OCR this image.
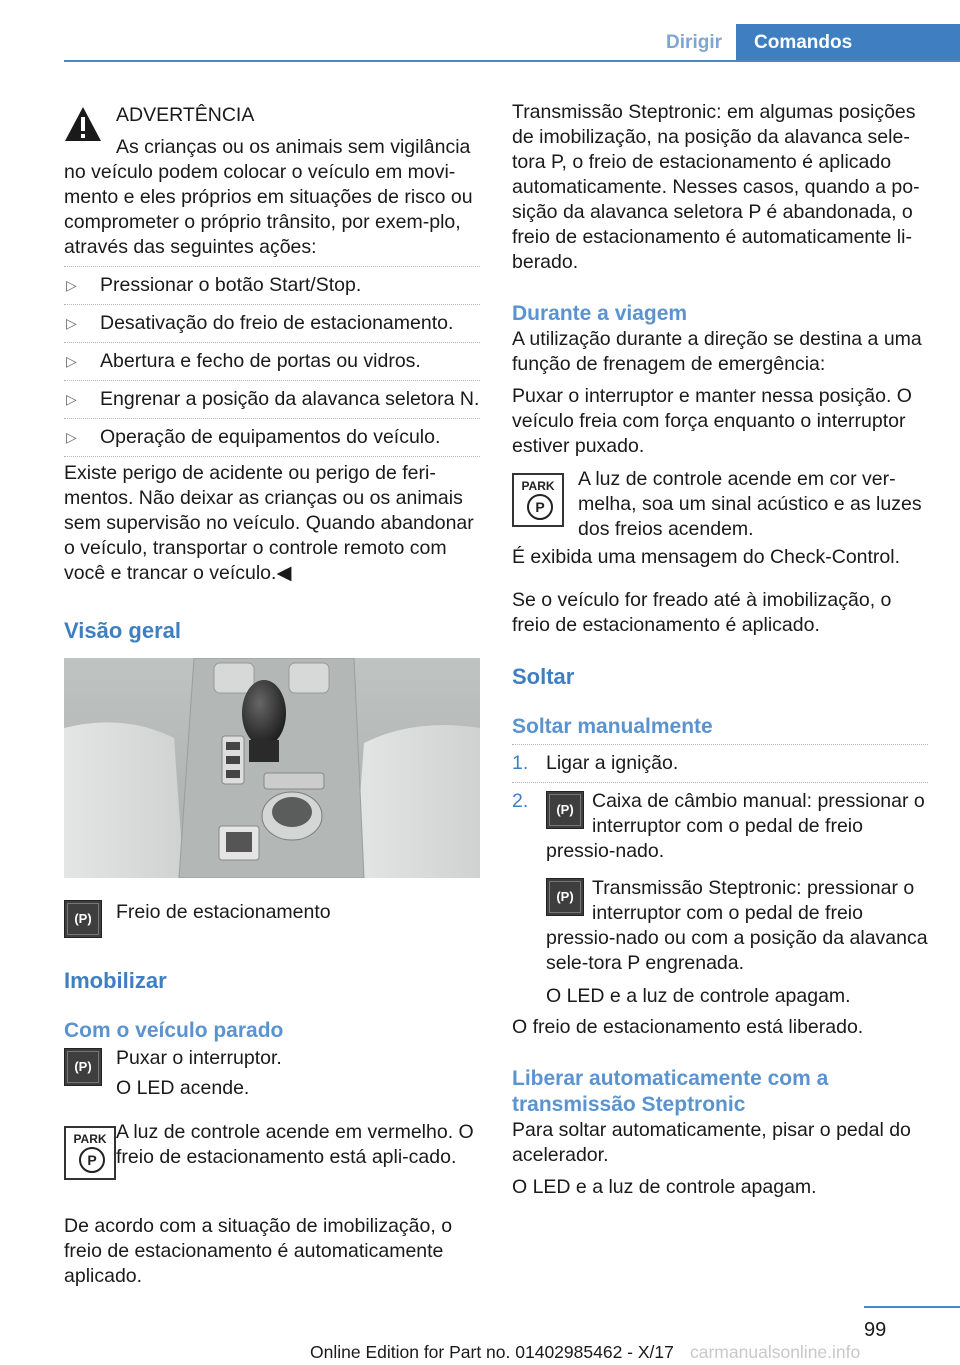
Dirigir	Comandos

ADVERTÊNCIA

As crianças ou os animais sem vigilância

no veículo podem colocar o veículo em movi-mento e eles próprios em situações de risco ou comprometer o próprio trânsito, por exem-plo, através das seguintes ações:

▷	Pressionar o botão Start/Stop.
▷	Desativação do freio de estacionamento.
▷	Abertura e fecho de portas ou vidros.
▷	Engrenar a posição da alavanca seletora N.
▷	Operação de equipamentos do veículo.

Existe perigo de acidente ou perigo de feri-mentos. Não deixar as crianças ou os animais sem supervisão no veículo. Quando abandonar o veículo, transportar o controle remoto com você e trancar o veículo.◀

Visão geral

(P)	Freio de estacionamento

Imobilizar

Com o veículo parado

(P)	Puxar o interruptor.

O LED acende.

PARK
P

A luz de controle acende em vermelho. O freio de estacionamento está apli-cado.

De acordo com a situação de imobilização, o freio de estacionamento é automaticamente aplicado.

Transmissão Steptronic: em algumas posições de imobilização, na posição da alavanca sele-tora P, o freio de estacionamento é aplicado automaticamente. Nesses casos, quando a po-sição da alavanca seletora P é abandonada, o freio de estacionamento é automaticamente li-berado.

Durante a viagem

A utilização durante a direção se destina a uma função de frenagem de emergência:

Puxar o interruptor e manter nessa posição. O veículo freia com força enquanto o interruptor estiver puxado.

PARK
P

A luz de controle acende em cor ver-melha, soa um sinal acústico e as luzes dos freios acendem.

É exibida uma mensagem do Check-Control.

Se o veículo for freado até à imobilização, o freio de estacionamento é aplicado.

Soltar

Soltar manualmente

1. Ligar a ignição.
2.	(P) Caixa de câmbio manual: pressionar o interruptor com o pedal de freio pressio-nado.
(P) Transmissão Steptronic: pressionar o interruptor com o pedal de freio pressio-nado ou com a posição da alavanca sele-tora P engrenada.

O LED e a luz de controle apagam.

O freio de estacionamento está liberado.

Liberar automaticamente com a transmissão Steptronic

Para soltar automaticamente, pisar o pedal do acelerador.

O LED e a luz de controle apagam.

99
Online Edition for Part no. 01402985462 - X/17 carmanualsonline.info
